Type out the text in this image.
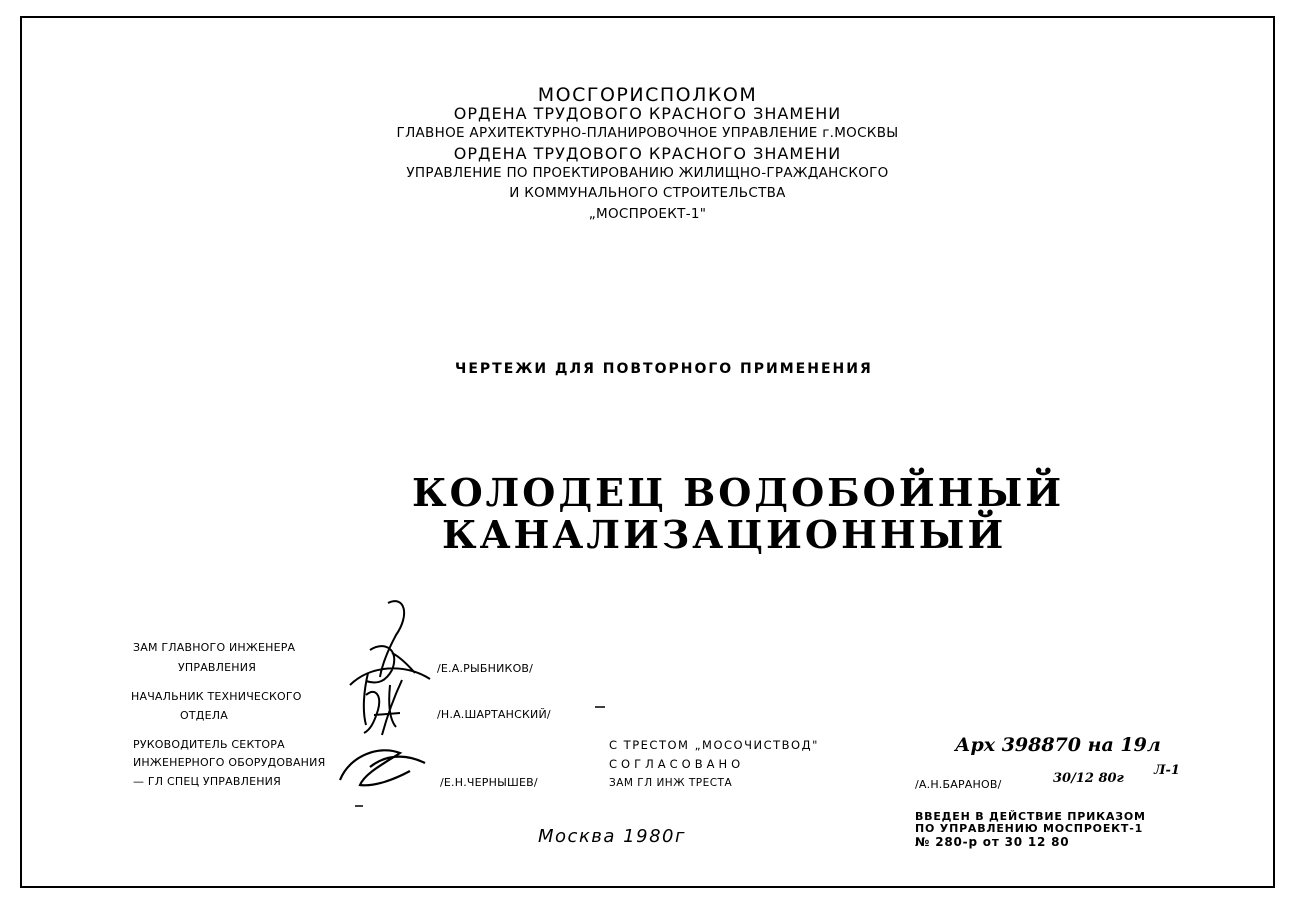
МОСГОРИСПОЛКОМ
ОРДЕНА ТРУДОВОГО КРАСНОГО ЗНАМЕНИ
ГЛАВНОЕ АРХИТЕКТУРНО-ПЛАНИРОВОЧНОЕ УПРАВЛЕНИЕ г.МОСКВЫ
ОРДЕНА ТРУДОВОГО КРАСНОГО ЗНАМЕНИ
УПРАВЛЕНИЕ ПО ПРОЕКТИРОВАНИЮ ЖИЛИЩНО-ГРАЖДАНСКОГО
И КОММУНАЛЬНОГО СТРОИТЕЛЬСТВА
„МОСПРОЕКТ-1"
ЧЕРТЕЖИ ДЛЯ ПОВТОРНОГО ПРИМЕНЕНИЯ
КОЛОДЕЦ ВОДОБОЙНЫЙ
КАНАЛИЗАЦИОННЫЙ
ЗАМ ГЛАВНОГО ИНЖЕНЕРА
УПРАВЛЕНИЯ	/Е.А.РЫБНИКОВ/
НАЧАЛЬНИК ТЕХНИЧЕСКОГО
ОТДЕЛА	/Н.А.ШАРТАНСКИЙ/
РУКОВОДИТЕЛЬ СЕКТОРА
ИНЖЕНЕРНОГО ОБОРУДОВАНИЯ
— ГЛ СПЕЦ УПРАВЛЕНИЯ	/Е.Н.ЧЕРНЫШЕВ/
С ТРЕСТОМ „МОСОЧИСТВОД"
СОГЛАСОВАНО
ЗАМ ГЛ ИНЖ ТРЕСТА
Москва 1980г
Арх 398870 на 19л
/А.Н.БАРАНОВ/	30/12 80г
Л-1
ВВЕДЕН В ДЕЙСТВИЕ ПРИКАЗОМ
ПО УПРАВЛЕНИЮ МОСПРОЕКТ-1
№ 280-р от 30 12 80
